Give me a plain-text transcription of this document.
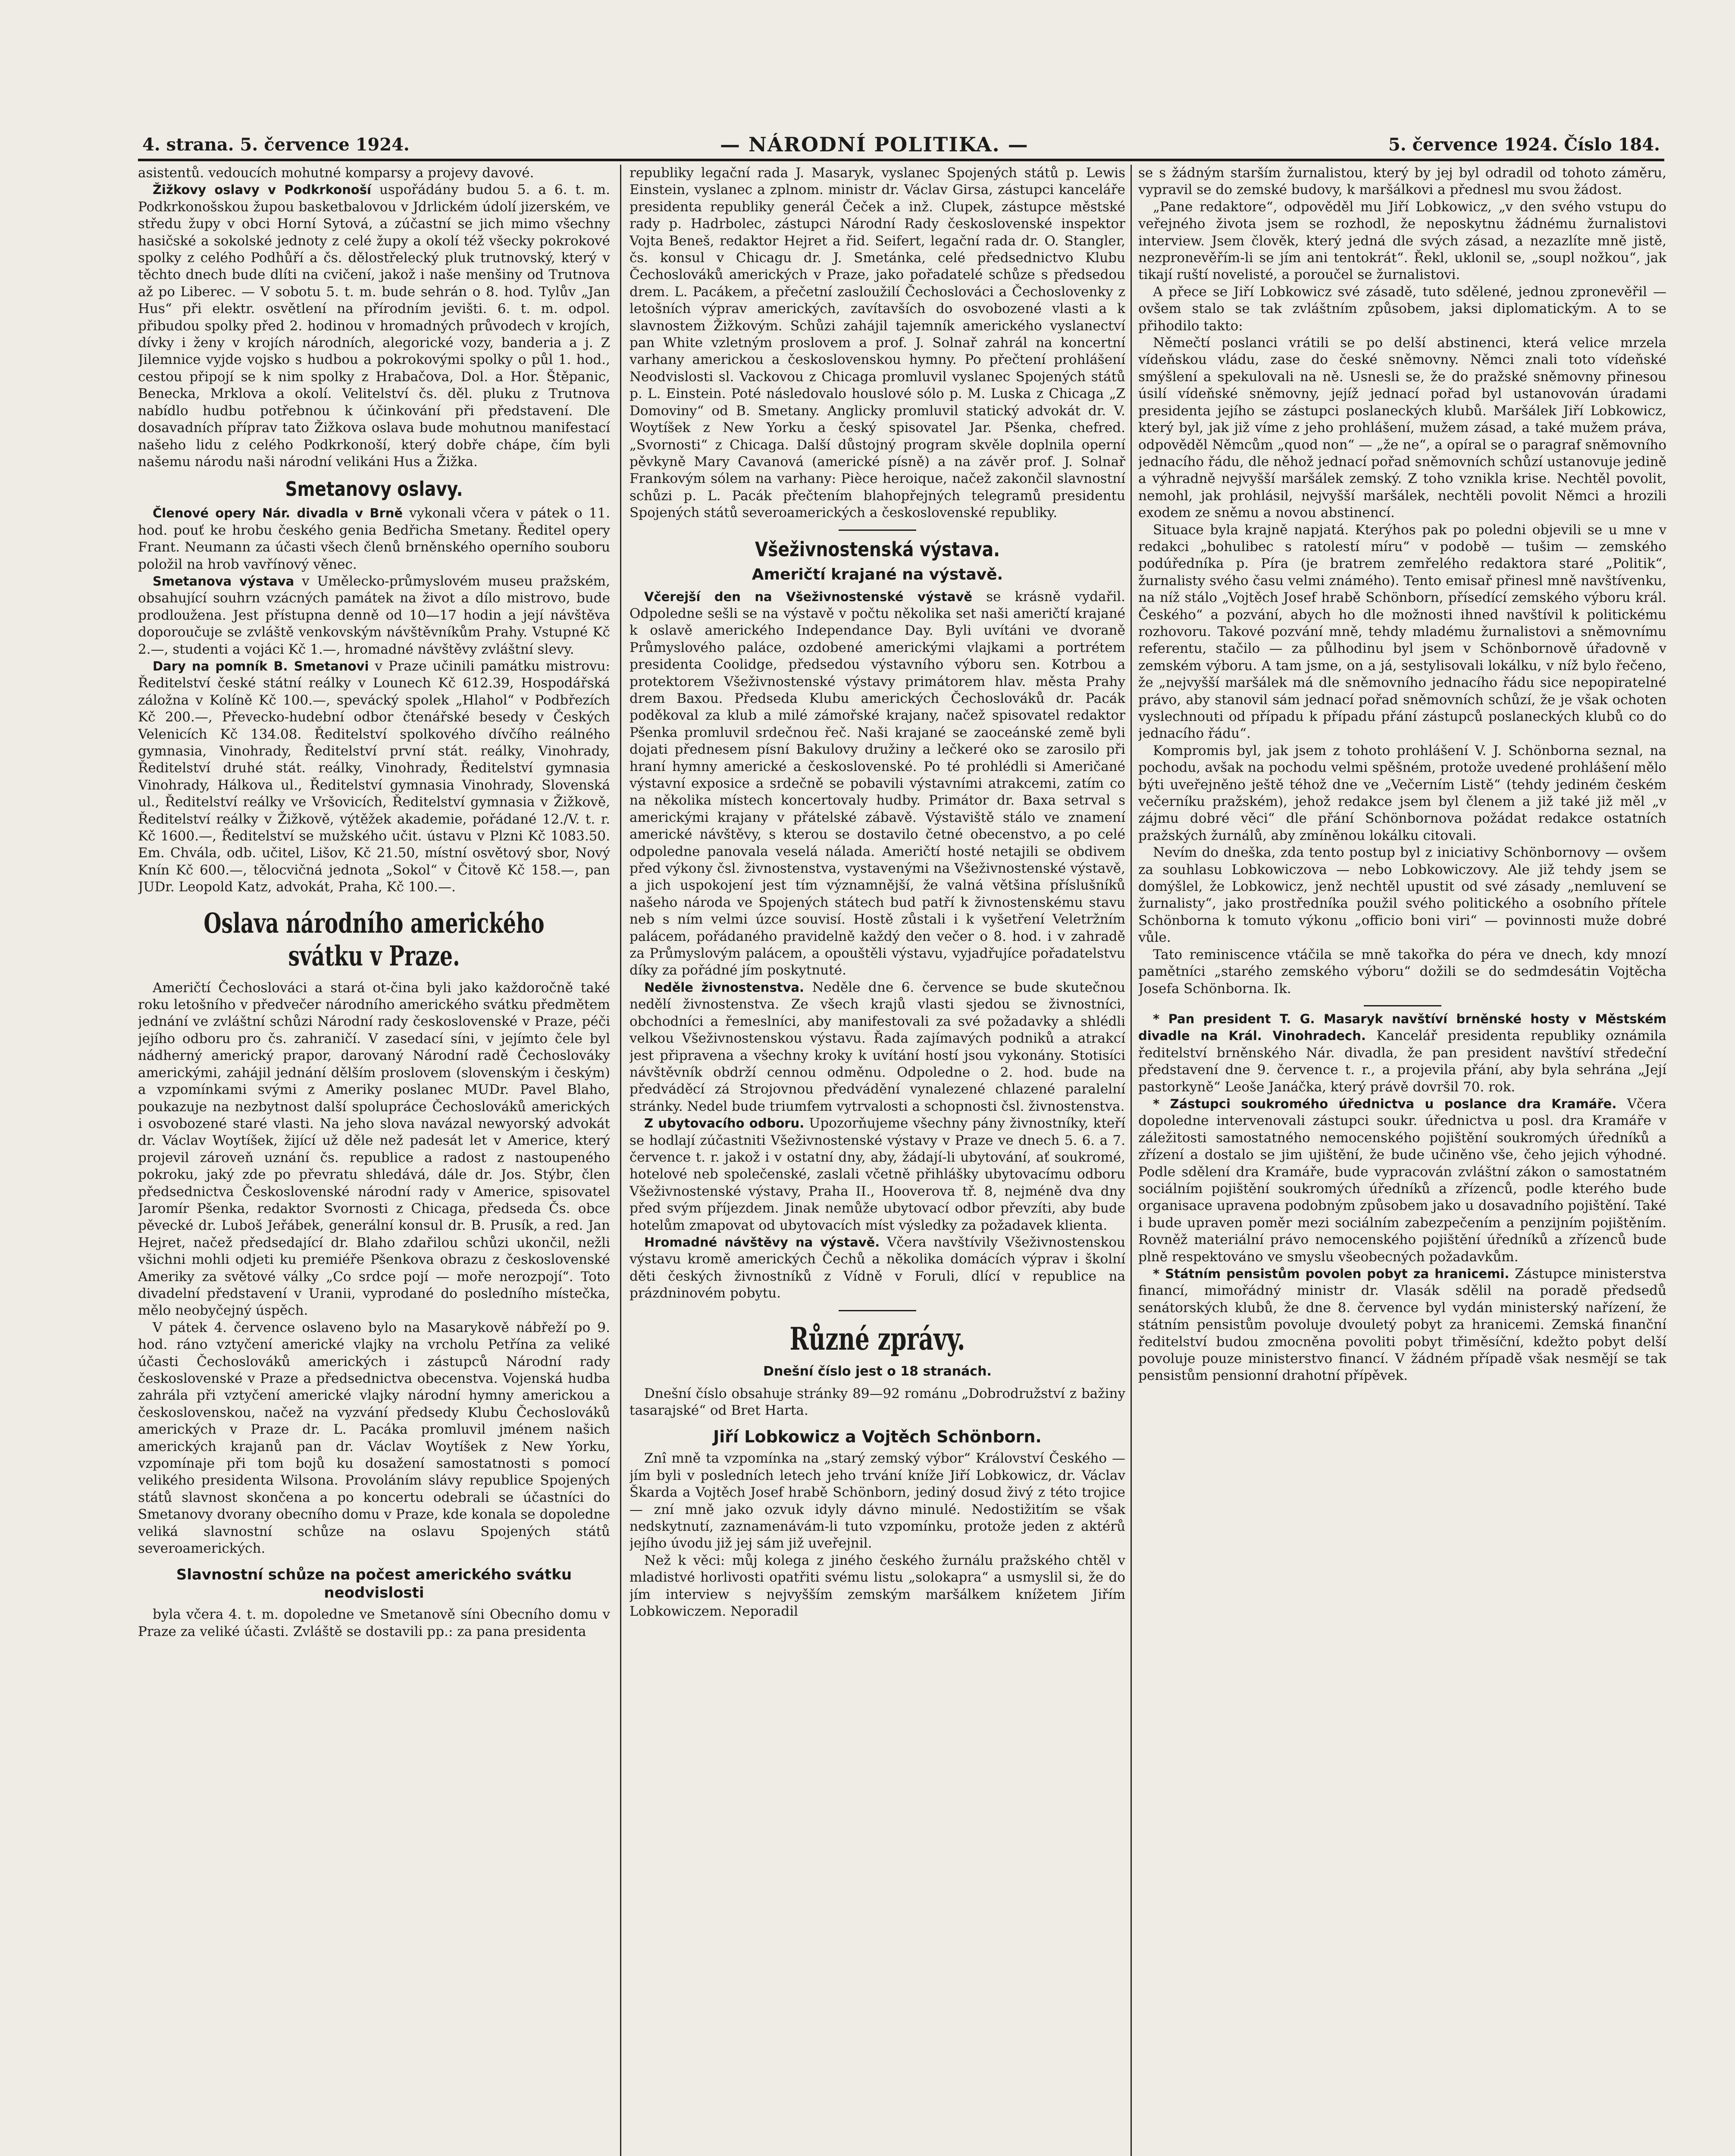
4. strana. 5. července 1924.	— NÁRODNÍ POLITIKA. —	5. července 1924. Číslo 184.

asistentů. vedoucích mohutné komparsy a projevy davové.

Žižkovy oslavy v Podkrkonoší uspořádány budou 5. a 6. t. m. Podkrkonošskou župou basketbalovou v Jdrlickém údolí jizerském, ve středu župy v obci Horní Sytová, a zúčastní se jich mimo všechny hasičské a sokolské jednoty z celé župy a okolí též všecky pokrokové spolky z celého Podhůří a čs. dělostřelecký pluk trutnovský, který v těchto dnech bude dlíti na cvičení, jakož i naše menšiny od Trutnova až po Liberec. — V sobotu 5. t. m. bude sehrán o 8. hod. Tylův „Jan Hus“ při elektr. osvětlení na přírodním jevišti. 6. t. m. odpol. přibudou spolky před 2. hodinou v hromadných průvodech v krojích, dívky i ženy v krojích národních, alegorické vozy, banderia a j. Z Jilemnice vyjde vojsko s hudbou a pokrokovými spolky o půl 1. hod., cestou připojí se k nim spolky z Hrabačova, Dol. a Hor. Štěpanic, Benecka, Mrklova a okolí. Velitelství čs. děl. pluku z Trutnova nabídlo hudbu potřebnou k účinkování při představení. Dle dosavadních příprav tato Žižkova oslava bude mohutnou manifestací našeho lidu z celého Podkrkonoší, který dobře chápe, čím byli našemu národu naši národní velikáni Hus a Žižka.

Smetanovy oslavy.

Členové opery Nár. divadla v Brně vykonali včera v pátek o 11. hod. pouť ke hrobu českého genia Bedřicha Smetany. Ředitel opery Frant. Neumann za účasti všech členů brněnského operního souboru položil na hrob vavřínový věnec.

Smetanova výstava v Umělecko-průmyslovém museu pražském, obsahující souhrn vzácných památek na život a dílo mistrovo, bude prodloužena. Jest přístupna denně od 10—17 hodin a její návštěva doporoučuje se zvláště venkovským návštěvníkům Prahy. Vstupné Kč 2.—, studenti a vojáci Kč 1.—, hromadné návštěvy zvláštní slevy.

Dary na pomník B. Smetanovi v Praze učinili památku mistrovu: Ředitelství české státní reálky v Lounech Kč 612.39, Hospodářská záložna v Kolíně Kč 100.—, spevácký spolek „Hlahol“ v Podbřezích Kč 200.—, Převecko-hudební odbor čtenářské besedy v Českých Velenicích Kč 134.08. Ředitelství spolkového dívčího reálného gymnasia, Vinohrady, Ředitelství první stát. reálky, Vinohrady, Ředitelství druhé stát. reálky, Vinohrady, Ředitelství gymnasia Vinohrady, Hálkova ul., Ředitelství gymnasia Vinohrady, Slovenská ul., Ředitelství reálky ve Vršovicích, Ředitelství gymnasia v Žižkově, Ředitelství reálky v Žižkově, výtěžek akademie, pořádané 12./V. t. r. Kč 1600.—, Ředitelství se mužského učit. ústavu v Plzni Kč 1083.50. Em. Chvála, odb. učitel, Lišov, Kč 21.50, místní osvětový sbor, Nový Knín Kč 600.—, tělocvičná jednota „Sokol“ v Čitově Kč 158.—, pan JUDr. Leopold Katz, advokát, Praha, Kč 100.—.

Oslava národního amerického svátku v Praze.

Američtí Čechoslováci a stará ot-čina byli jako každoročně také roku letošního v předvečer národního amerického svátku předmětem jednání ve zvláštní schůzi Národní rady československé v Praze, péči jejího odboru pro čs. zahraničí. V zasedací síni, v jejímto čele byl nádherný americký prapor, darovaný Národní radě Čechoslováky americkými, zahájil jednání dělším proslovem (slovenským i českým) a vzpomínkami svými z Ameriky poslanec MUDr. Pavel Blaho, poukazuje na nezbytnost další spolupráce Čechoslováků amerických i osvobozené staré vlasti. Na jeho slova navázal newyorský advokát dr. Václav Woytíšek, žijící už děle než padesát let v Americe, který projevil zároveň uznání čs. republice a radost z nastoupeného pokroku, jaký zde po převratu shledává, dále dr. Jos. Stýbr, člen předsednictva Československé národní rady v Americe, spisovatel Jaromír Pšenka, redaktor Svornosti z Chicaga, předseda Čs. obce pěvecké dr. Luboš Jeřábek, generální konsul dr. B. Prusík, a red. Jan Hejret, načež předsedající dr. Blaho zdařilou schůzi ukončil, nežli všichni mohli odjeti ku premiéře Pšenkova obrazu z československé Ameriky za světové války „Co srdce pojí — moře nerozpojí“. Toto divadelní představení v Uranii, vyprodané do posledního místečka, mělo neobyčejný úspěch.

V pátek 4. července oslaveno bylo na Masarykově nábřeží po 9. hod. ráno vztyčení americké vlajky na vrcholu Petřína za veliké účasti Čechoslováků amerických i zástupců Národní rady československé v Praze a předsednictva obecenstva. Vojenská hudba zahrála při vztyčení americké vlajky národní hymny americkou a československou, načež na vyzvání předsedy Klubu Čechoslováků amerických v Praze dr. L. Pacáka promluvil jménem našich amerických krajanů pan dr. Václav Woytíšek z New Yorku, vzpomínaje při tom bojů ku dosažení samostatnosti s pomocí velikého presidenta Wilsona. Provoláním slávy republice Spojených států slavnost skončena a po koncertu odebrali se účastníci do Smetanovy dvorany obecního domu v Praze, kde konala se dopoledne veliká slavnostní schůze na oslavu Spojených států severoamerických.

Slavnostní schůze na počest amerického svátku neodvislosti

byla včera 4. t. m. dopoledne ve Smetanově síni Obecního domu v Praze za veliké účasti. Zvláště se dostavili pp.: za pana presidenta

republiky legační rada J. Masaryk, vyslanec Spojených států p. Lewis Einstein, vyslanec a zplnom. ministr dr. Václav Girsa, zástupci kanceláře presidenta republiky generál Čeček a inž. Clupek, zástupce městské rady p. Hadrbolec, zástupci Národní Rady československé inspektor Vojta Beneš, redaktor Hejret a řid. Seifert, legační rada dr. O. Stangler, čs. konsul v Chicagu dr. J. Smetánka, celé předsednictvo Klubu Čechoslováků amerických v Praze, jako pořadatelé schůze s předsedou drem. L. Pacákem, a přečetní zasloužilí Čechoslováci a Čechoslovenky z letošních výprav amerických, zavítavších do osvobozené vlasti a k slavnostem Žižkovým. Schůzi zahájil tajemník amerického vyslanectví pan White vzletným proslovem a prof. J. Solnař zahrál na koncertní varhany americkou a československou hymny. Po přečtení prohlášení Neodvislosti sl. Vackovou z Chicaga promluvil vyslanec Spojených států p. L. Einstein. Poté následovalo houslové sólo p. M. Luska z Chicaga „Z Domoviny“ od B. Smetany. Anglicky promluvil statický advokát dr. V. Woytíšek z New Yorku a český spisovatel Jar. Pšenka, chefred. „Svornosti“ z Chicaga. Další důstojný program skvěle doplnila operní pěvkyně Mary Cavanová (americké písně) a na závěr prof. J. Solnař Frankovým sólem na varhany: Pièce heroique, načež zakončil slavnostní schůzi p. L. Pacák přečtením blahopřejných telegramů presidentu Spojených států severoamerických a československé republiky.

Všeživnostenská výstava.
Američtí krajané na výstavě.

Včerejší den na Všeživnostenské výstavě se krásně vydařil. Odpoledne sešli se na výstavě v počtu několika set naši američtí krajané k oslavě amerického Independance Day. Byli uvítáni ve dvoraně Průmyslového paláce, ozdobené americkými vlajkami a portrétem presidenta Coolidge, předsedou výstavního výboru sen. Kotrbou a protektorem Všeživnostenské výstavy primátorem hlav. města Prahy drem Baxou. Předseda Klubu amerických Čechoslováků dr. Pacák poděkoval za klub a milé zámořské krajany, načež spisovatel redaktor Pšenka promluvil srdečnou řeč. Naši krajané se zaoceánské země byli dojati přednesem písní Bakulovy družiny a lečkeré oko se zarosilo při hraní hymny americké a československé. Po té prohlédli si Američané výstavní exposice a srdečně se pobavili výstavními atrakcemi, zatím co na několika místech koncertovaly hudby. Primátor dr. Baxa setrval s americkými krajany v přátelské zábavě. Výstaviště stálo ve znamení americké návštěvy, s kterou se dostavilo četné obecenstvo, a po celé odpoledne panovala veselá nálada. Američtí hosté netajili se obdivem před výkony čsl. živnostenstva, vystavenými na Všeživnostenské výstavě, a jich uspokojení jest tím významnější, že valná většina příslušníků našeho národa ve Spojených státech bud patří k živnostenskému stavu neb s ním velmi úzce souvisí. Hostě zůstali i k vyšetření Veletržním palácem, pořádaného pravidelně každý den večer o 8. hod. i v zahradě za Průmyslovým palácem, a opouštěli výstavu, vyjadřujíce pořadatelstvu díky za pořádné jím poskytnuté.

Neděle živnostenstva. Neděle dne 6. července se bude skutečnou nedělí živnostenstva. Ze všech krajů vlasti sjedou se živnostníci, obchodníci a řemeslníci, aby manifestovali za své požadavky a shlédli velkou Všeživnostenskou výstavu. Řada zajímavých podniků a atrakcí jest připravena a všechny kroky k uvítání hostí jsou vykonány. Stotisíci návštěvník obdrží cennou odměnu. Odpoledne o 2. hod. bude na předváděcí zá Strojovnou předvádění vynalezené chlazené paralelní stránky. Nedel bude triumfem vytrvalosti a schopnosti čsl. živnostenstva.

Z ubytovacího odboru. Upozorňujeme všechny pány živnostníky, kteří se hodlají zúčastniti Všeživnostenské výstavy v Praze ve dnech 5. 6. a 7. července t. r. jakož i v ostatní dny, aby, žádají-li ubytování, ať soukromé, hotelové neb společenské, zaslali včetně přihlášky ubytovacímu odboru Všeživnostenské výstavy, Praha II., Hooverova tř. 8, nejméně dva dny před svým příjezdem. Jinak nemůže ubytovací odbor převzíti, aby bude hotelům zmapovat od ubytovacích míst výsledky za požadavek klienta.

Hromadné návštěvy na výstavě. Včera navštívily Všeživnostenskou výstavu kromě amerických Čechů a několika domácích výprav i školní děti českých živnostníků z Vídně v Foruli, dlící v republice na prázdninovém pobytu.

Různé zprávy.
Dnešní číslo jest o 18 stranách.

Dnešní číslo obsahuje stránky 89—92 románu „Dobrodružství z bažiny tasarajské“ od Bret Harta.

Jiří Lobkowicz a Vojtěch Schönborn.

Znî mně ta vzpomínka na „starý zemský výbor“ Království Českého — jím byli v posledních letech jeho trvání kníže Jiří Lobkowicz, dr. Václav Škarda a Vojtěch Josef hrabě Schönborn, jediný dosud živý z této trojice — zní mně jako ozvuk idyly dávno minulé. Nedostižitím se však nedskytnutí, zaznamenávám-li tuto vzpomínku, protože jeden z aktérů jejího úvodu již jej sám již uveřejnil.

Než k věci: můj kolega z jiného českého žurnálu pražského chtěl v mladistvé horlivosti opatřiti svému listu „solokapra“ a usmyslil si, že do jím interview s nejvyšším zemským maršálkem knížetem Jiřím Lobkowiczem. Neporadil

se s žádným starším žurnalistou, který by jej byl odradil od tohoto záměru, vypravil se do zemské budovy, k maršálkovi a přednesl mu svou žádost.

„Pane redaktore“, odpověděl mu Jiří Lobkowicz, „v den svého vstupu do veřejného života jsem se rozhodl, že neposkytnu žádnému žurnalistovi interview. Jsem člověk, který jedná dle svých zásad, a nezazlíte mně jistě, nezpronevěřím-li se jím ani tentokrát“. Řekl, uklonil se, „soupl nožkou“, jak tikají ruští novelisté, a poroučel se žurnalistovi.

A přece se Jiří Lobkowicz své zásadě, tuto sdělené, jednou zpronevěřil — ovšem stalo se tak zvláštním způsobem, jaksi diplomatickým. A to se přihodilo takto:

Němečtí poslanci vrátili se po delší abstinenci, která velice mrzela vídeňskou vládu, zase do české sněmovny. Němci znali toto vídeňské smýšlení a spekulovali na ně. Usnesli se, že do pražské sněmovny přinesou úsilí vídeňské sněmovny, jejíž jednací pořad byl ustanovován úradami presidenta jejího se zástupci poslaneckých klubů. Maršálek Jiří Lobkowicz, který byl, jak již víme z jeho prohlášení, mužem zásad, a také mužem práva, odpověděl Němcům „quod non“ — „že ne“, a opíral se o paragraf sněmovního jednacího řádu, dle něhož jednací pořad sněmovních schůzí ustanovuje jedině a výhradně nejvyšší maršálek zemský. Z toho vznikla krise. Nechtěl povolit, nemohl, jak prohlásil, nejvyšší maršálek, nechtěli povolit Němci a hrozili exodem ze sněmu a novou abstinencí.

Situace byla krajně napjatá. Kterýhos pak po poledni objevili se u mne v redakci „bohulibec s ratolestí míru“ v podobě — tušim — zemského podúředníka p. Píra (je bratrem zemřelého redaktora staré „Politik“, žurnalisty svého času velmi známého). Tento emisař přinesl mně navštívenku, na níž stálo „Vojtěch Josef hrabě Schönborn, přísedící zemského výboru král. Českého“ a pozvání, abych ho dle možnosti ihned navštívil k politickému rozhovoru. Takové pozvání mně, tehdy mladému žurnalistovi a sněmovnímu referentu, stačilo — za půlhodinu byl jsem v Schönbornově úřadovně v zemském výboru. A tam jsme, on a já, sestylisovali lokálku, v níž bylo řečeno, že „nejvyšší maršálek má dle sněmovního jednacího řádu sice nepopiratelné právo, aby stanovil sám jednací pořad sněmovních schůzí, že je však ochoten vyslechnouti od případu k případu přání zástupců poslaneckých klubů co do jednacího řádu“.

Kompromis byl, jak jsem z tohoto prohlášení V. J. Schönborna seznal, na pochodu, avšak na pochodu velmi spěšném, protože uvedené prohlášení mělo býti uveřejněno ještě téhož dne ve „Večerním Listě“ (tehdy jediném českém večerníku pražském), jehož redakce jsem byl členem a již také již měl „v zájmu dobré věci“ dle přání Schönbornova požádat redakce ostatních pražských žurnálů, aby zmíněnou lokálku citovali.

Nevím do dneška, zda tento postup byl z iniciativy Schönbornovy — ovšem za souhlasu Lobkowiczova — nebo Lobkowiczovy. Ale již tehdy jsem se domýšlel, že Lobkowicz, jenž nechtěl upustit od své zásady „nemluvení se žurnalisty“, jako prostředníka použil svého politického a osobního přítele Schönborna k tomuto výkonu „officio boni viri“ — povinnosti muže dobré vůle.

Tato reminiscence vtáčila se mně takořka do péra ve dnech, kdy mnozí pamětníci „starého zemského výboru“ dožili se do sedmdesátin Vojtěcha Josefa Schönborna. Ik.

* Pan president T. G. Masaryk navštíví brněnské hosty v Městském divadle na Král. Vinohradech. Kancelář presidenta republiky oznámila ředitelství brněnského Nár. divadla, že pan president navštíví středeční představení dne 9. července t. r., a projevila přání, aby byla sehrána „Její pastorkyně“ Leoše Janáčka, který právě dovršil 70. rok.

* Zástupci soukromého úřednictva u poslance dra Kramáře. Včera dopoledne intervenovali zástupci soukr. úřednictva u posl. dra Kramáře v záležitosti samostatného nemocenského pojištění soukromých úředníků a zřízení a dostalo se jim ujištění, že bude učiněno vše, čeho jejich výhodné. Podle sdělení dra Kramáře, bude vypracován zvláštní zákon o samostatném sociálním pojištění soukromých úředníků a zřízenců, podle kterého bude organisace upravena podobným způsobem jako u dosavadního pojištění. Také i bude upraven poměr mezi sociálním zabezpečením a penzijním pojištěním. Rovněž materiální právo nemocenského pojištění úředníků a zřízenců bude plně respektováno ve smyslu všeobecných požadavkům.

* Státním pensistům povolen pobyt za hranicemi. Zástupce ministerstva financí, mimořádný ministr dr. Vlasák sdělil na poradě předsedů senátorských klubů, že dne 8. července byl vydán ministerský nařízení, že státním pensistům povoluje dvouletý pobyt za hranicemi. Zemská finanční ředitelství budou zmocněna povoliti pobyt třiměsíční, kdežto pobyt delší povoluje pouze ministerstvo financí. V žádném případě však nesmějí se tak pensistům pensionní drahotní přípěvek.
